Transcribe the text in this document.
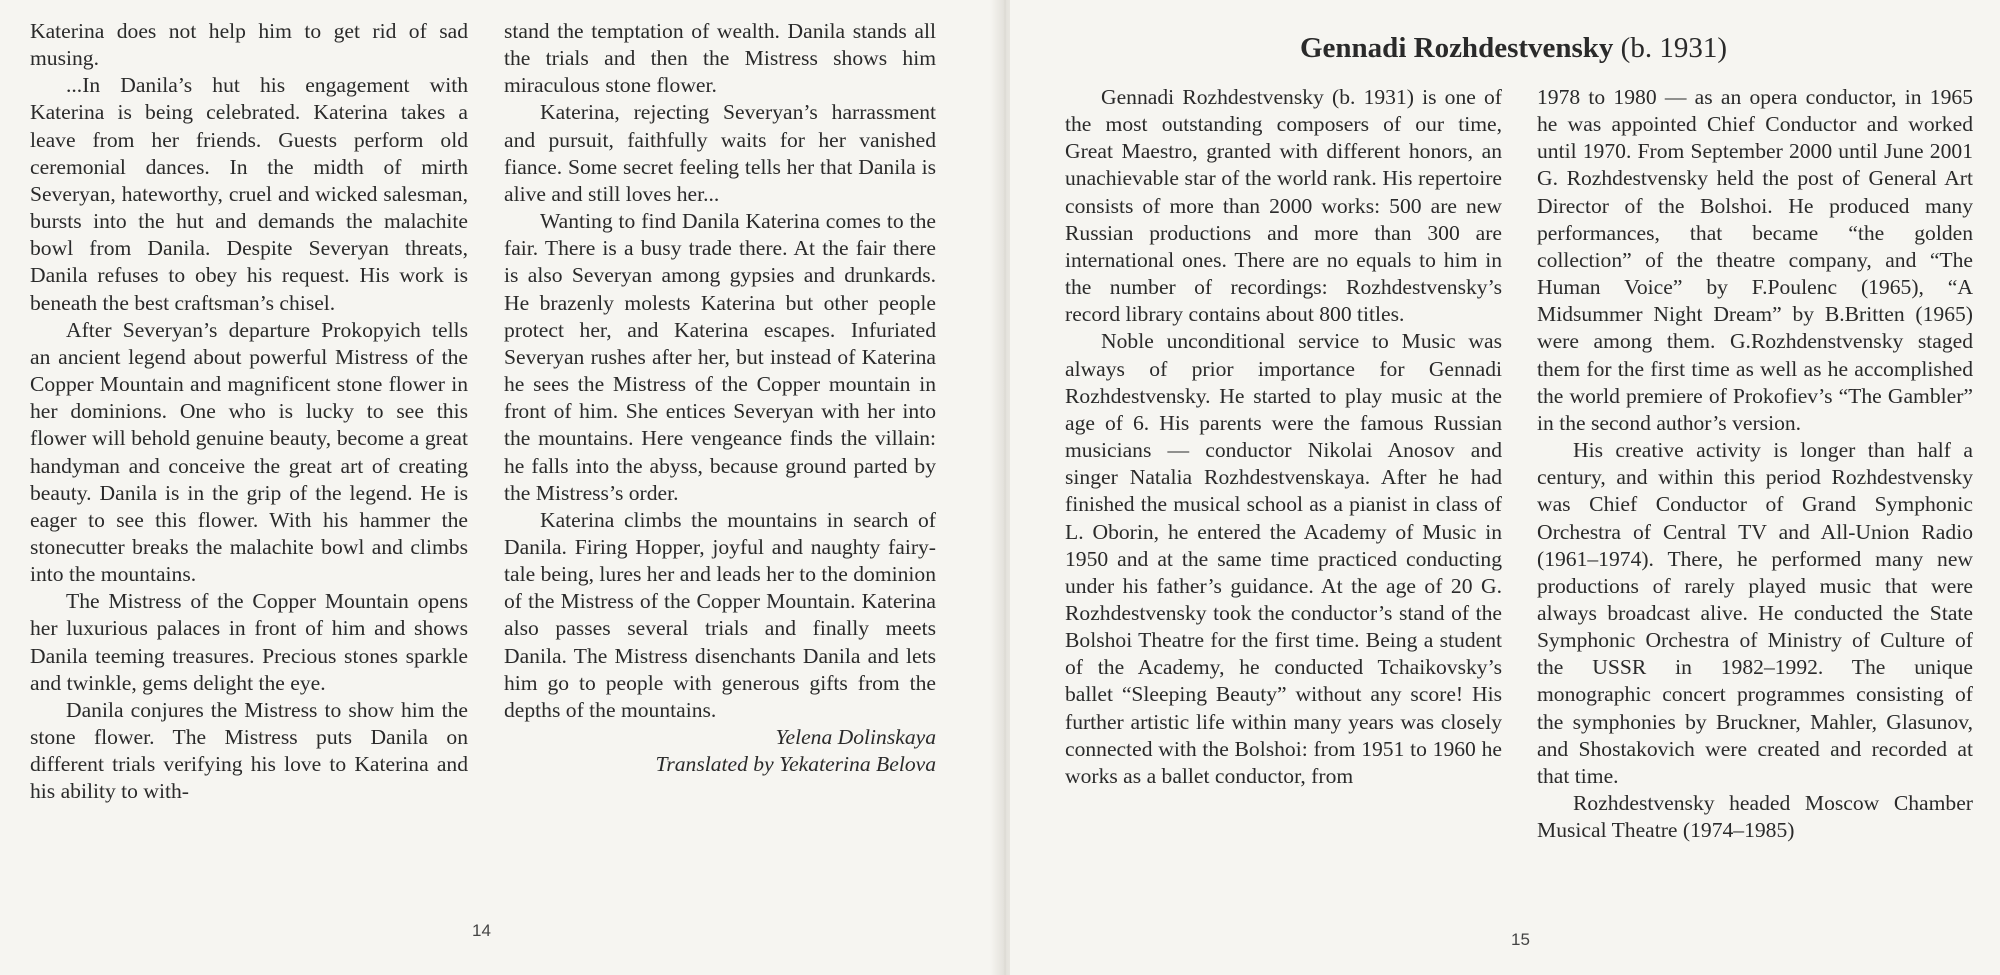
Katerina does not help him to get rid of sad musing.

...In Danila’s hut his engagement with Katerina is being celebrated. Katerina takes a leave from her friends. Guests perform old ceremonial dances. In the midth of mirth Severyan, hateworthy, cruel and wicked salesman, bursts into the hut and demands the malachite bowl from Danila. Despite Severyan threats, Danila refuses to obey his request. His work is beneath the best craftsman’s chisel.

After Severyan’s departure Prokopyich tells an ancient legend about powerful Mistress of the Copper Mountain and magnificent stone flower in her dominions. One who is lucky to see this flower will behold genuine beauty, become a great handyman and conceive the great art of creating beauty. Danila is in the grip of the legend. He is eager to see this flower. With his hammer the stonecutter breaks the malachite bowl and climbs into the mountains.

The Mistress of the Copper Mountain opens her luxurious palaces in front of him and shows Danila teeming treasures. Precious stones sparkle and twinkle, gems delight the eye.

Danila conjures the Mistress to show him the stone flower. The Mistress puts Danila on different trials verifying his love to Katerina and his ability to with-

stand the temptation of wealth. Danila stands all the trials and then the Mistress shows him miraculous stone flower.

Katerina, rejecting Severyan’s harrassment and pursuit, faithfully waits for her vanished fiance. Some secret feeling tells her that Danila is alive and still loves her...

Wanting to find Danila Katerina comes to the fair. There is a busy trade there. At the fair there is also Severyan among gypsies and drunkards. He brazenly molests Katerina but other people protect her, and Katerina escapes. Infuriated Severyan rushes after her, but instead of Katerina he sees the Mistress of the Copper mountain in front of him. She entices Severyan with her into the mountains. Here vengeance finds the villain: he falls into the abyss, because ground parted by the Mistress’s order.

Katerina climbs the mountains in search of Danila. Firing Hopper, joyful and naughty fairy-tale being, lures her and leads her to the dominion of the Mistress of the Copper Mountain. Katerina also passes several trials and finally meets Danila. The Mistress disenchants Danila and lets him go to people with generous gifts from the depths of the mountains.

Yelena Dolinskaya

Translated by Yekaterina Belova

14
Gennadi Rozhdestvensky (b. 1931)

Gennadi Rozhdestvensky (b. 1931) is one of the most outstanding composers of our time, Great Maestro, granted with different honors, an unachievable star of the world rank. His repertoire consists of more than 2000 works: 500 are new Russian productions and more than 300 are international ones. There are no equals to him in the number of recordings: Rozhdestvensky’s record library contains about 800 titles.

Noble unconditional service to Music was always of prior importance for Gennadi Rozhdestvensky. He started to play music at the age of 6. His parents were the famous Russian musicians — conductor Nikolai Anosov and singer Natalia Rozhdestvenskaya. After he had finished the musical school as a pianist in class of L. Oborin, he entered the Academy of Music in 1950 and at the same time practiced conducting under his father’s guidance. At the age of 20 G. Rozhdestvensky took the conductor’s stand of the Bolshoi Theatre for the first time. Being a student of the Academy, he conducted Tchaikovsky’s ballet “Sleeping Beauty” without any score! His further artistic life within many years was closely connected with the Bolshoi: from 1951 to 1960 he works as a ballet conductor, from

1978 to 1980 — as an opera conductor, in 1965 he was appointed Chief Conductor and worked until 1970. From September 2000 until June 2001 G. Rozhdestvensky held the post of General Art Director of the Bolshoi. He produced many performances, that became “the golden collection” of the theatre company, and “The Human Voice” by F.Poulenc (1965), “A Midsummer Night Dream” by B.Britten (1965) were among them. G.Rozhdenstvensky staged them for the first time as well as he accomplished the world premiere of Prokofiev’s “The Gambler” in the second author’s version.

His creative activity is longer than half a century, and within this period Rozhdestvensky was Chief Conductor of Grand Symphonic Orchestra of Central TV and All-Union Radio (1961–1974). There, he performed many new productions of rarely played music that were always broadcast alive. He conducted the State Symphonic Orchestra of Ministry of Culture of the USSR in 1982–1992. The unique monographic concert programmes consisting of the symphonies by Bruckner, Mahler, Glasunov, and Shostakovich were created and recorded at that time.

Rozhdestvensky headed Moscow Chamber Musical Theatre (1974–1985)

15
